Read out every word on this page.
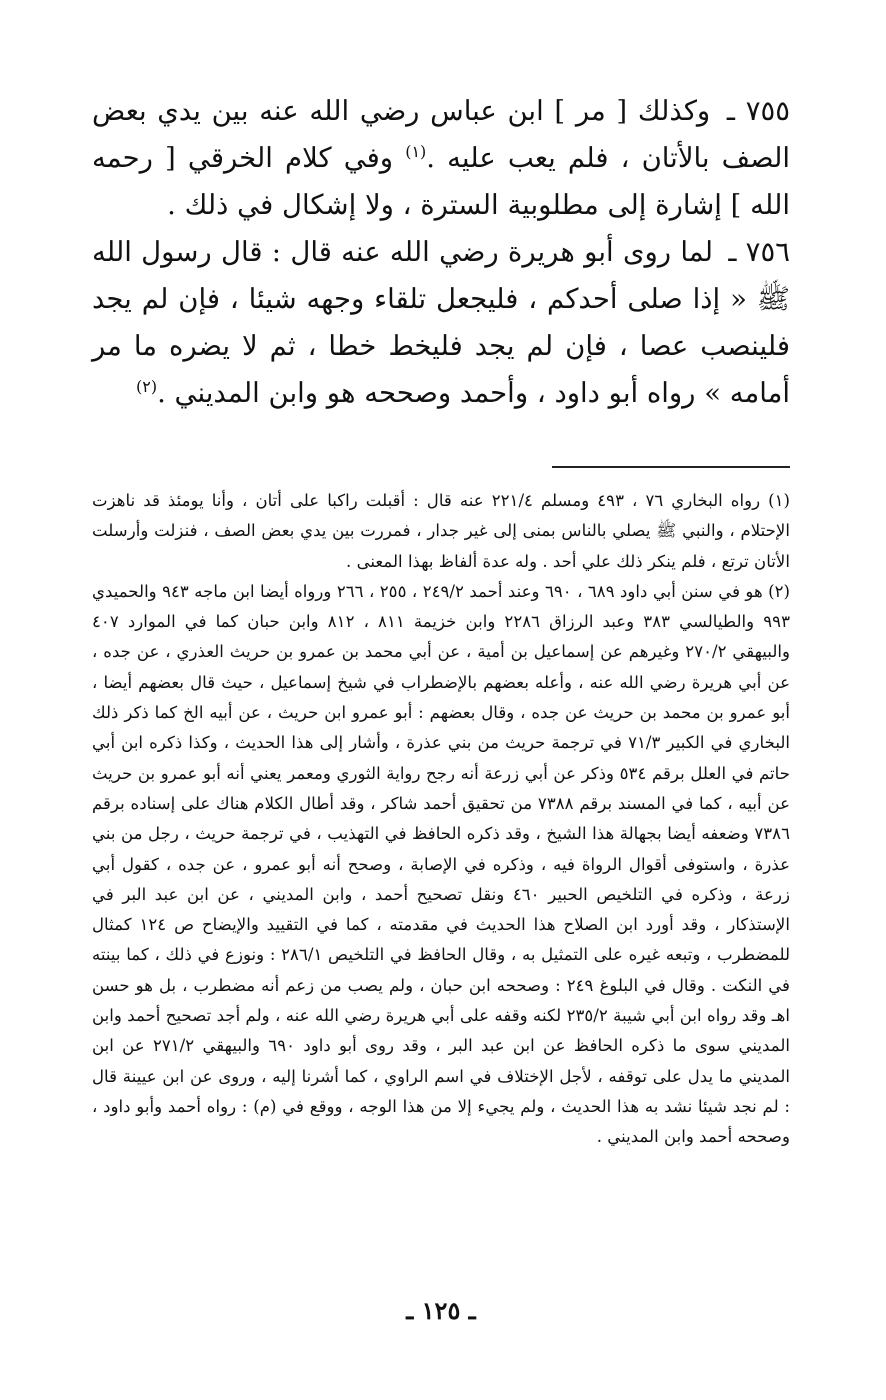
٧٥٥ ـ وكذلك [ مر ] ابن عباس رضي الله عنه بين يدي بعض الصف بالأتان ، فلم يعب عليه .$^{(١)}$ وفي كلام الخرقي [ رحمه الله ] إشارة إلى مطلوبية السترة ، ولا إشكال في ذلك .

٧٥٦ ـ لما روى أبو هريرة رضي الله عنه قال : قال رسول الله ﷺ « إذا صلى أحدكم ، فليجعل تلقاء وجهه شيئا ، فإن لم يجد فلينصب عصا ، فإن لم يجد فليخط خطا ، ثم لا يضره ما مر أمامه » رواه أبو داود ، وأحمد وصححه هو وابن المديني .$^{(٢)}$

(١) رواه البخاري ٧٦ ، ٤٩٣ ومسلم ٢٢١/٤ عنه قال : أقبلت راكبا على أتان ، وأنا يومئذ قد ناهزت الإحتلام ، والنبي ﷺ يصلي بالناس بمنى إلى غير جدار ، فمررت بين يدي بعض الصف ، فنزلت وأرسلت الأتان ترتع ، فلم ينكر ذلك علي أحد . وله عدة ألفاظ بهذا المعنى .

(٢) هو في سنن أبي داود ٦٨٩ ، ٦٩٠ وعند أحمد ٢٤٩/٢ ، ٢٥٥ ، ٢٦٦ ورواه أيضا ابن ماجه ٩٤٣ والحميدي ٩٩٣ والطيالسي ٣٨٣ وعبد الرزاق ٢٢٨٦ وابن خزيمة ٨١١ ، ٨١٢ وابن حبان كما في الموارد ٤٠٧ والبيهقي ٢٧٠/٢ وغيرهم عن إسماعيل بن أمية ، عن أبي محمد بن عمرو بن حريث العذري ، عن جده ، عن أبي هريرة رضي الله عنه ، وأعله بعضهم بالإضطراب في شيخ إسماعيل ، حيث قال بعضهم أيضا ، أبو عمرو بن محمد بن حريث عن جده ، وقال بعضهم : أبو عمرو ابن حريث ، عن أبيه الخ كما ذكر ذلك البخاري في الكبير ٧١/٣ في ترجمة حريث من بني عذرة ، وأشار إلى هذا الحديث ، وكذا ذكره ابن أبي حاتم في العلل برقم ٥٣٤ وذكر عن أبي زرعة أنه رجح رواية الثوري ومعمر يعني أنه أبو عمرو بن حريث عن أبيه ، كما في المسند برقم ٧٣٨٨ من تحقيق أحمد شاكر ، وقد أطال الكلام هناك على إسناده برقم ٧٣٨٦ وضعفه أيضا بجهالة هذا الشيخ ، وقد ذكره الحافظ في التهذيب ، في ترجمة حريث ، رجل من بني عذرة ، واستوفى أقوال الرواة فيه ، وذكره في الإصابة ، وصحح أنه أبو عمرو ، عن جده ، كقول أبي زرعة ، وذكره في التلخيص الحبير ٤٦٠ ونقل تصحيح أحمد ، وابن المديني ، عن ابن عبد البر في الإستذكار ، وقد أورد ابن الصلاح هذا الحديث في مقدمته ، كما في التقييد والإيضاح ص ١٢٤ كمثال للمضطرب ، وتبعه غيره على التمثيل به ، وقال الحافظ في التلخيص ٢٨٦/١ : ونوزع في ذلك ، كما بينته في النكت . وقال في البلوغ ٢٤٩ : وصححه ابن حبان ، ولم يصب من زعم أنه مضطرب ، بل هو حسن اهـ وقد رواه ابن أبي شيبة ٢٣٥/٢ لكنه وقفه على أبي هريرة رضي الله عنه ، ولم أجد تصحيح أحمد وابن المديني سوى ما ذكره الحافظ عن ابن عبد البر ، وقد روى أبو داود ٦٩٠ والبيهقي ٢٧١/٢ عن ابن المديني ما يدل على توقفه ، لأجل الإختلاف في اسم الراوي ، كما أشرنا إليه ، وروى عن ابن عيينة قال : لم نجد شيئا نشد به هذا الحديث ، ولم يجيء إلا من هذا الوجه ، ووقع في (م) : رواه أحمد وأبو داود ، وصححه أحمد وابن المديني .

ـ ١٢٥ ـ
